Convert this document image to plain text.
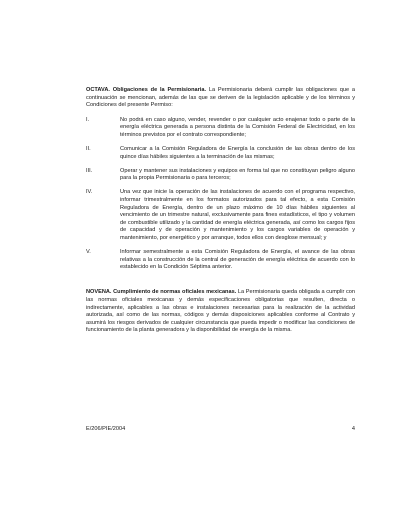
OCTAVA. Obligaciones de la Permisionaria. La Permisionaria deberá cumplir las obligaciones que a continuación se mencionan, además de las que se deriven de la legislación aplicable y de los términos y Condiciones del presente Permiso:

I.	No podrá en caso alguno, vender, revender o por cualquier acto enajenar todo o parte de la energía eléctrica generada a persona distinta de la Comisión Federal de Electricidad, en los términos previstos por el contrato correspondiente;
II.	Comunicar a la Comisión Reguladora de Energía la conclusión de las obras dentro de los quince días hábiles siguientes a la terminación de las mismas;
III.	Operar y mantener sus instalaciones y equipos en forma tal que no constituyan peligro alguno para la propia Permisionaria o para terceros;
IV.	Una vez que inicie la operación de las instalaciones de acuerdo con el programa respectivo, informar trimestralmente en los formatos autorizados para tal efecto, a esta Comisión Reguladora de Energía, dentro de un plazo máximo de 10 días hábiles siguientes al vencimiento de un trimestre natural, exclusivamente para fines estadísticos, el tipo y volumen de combustible utilizado y la cantidad de energía eléctrica generada, así como los cargos fijos de capacidad y de operación y mantenimiento y los cargos variables de operación y mantenimiento, por energético y por arranque, todos ellos con desglose mensual; y
V.	Informar semestralmente a esta Comisión Reguladora de Energía, el avance de las obras relativas a la construcción de la central de generación de energía eléctrica de acuerdo con lo establecido en la Condición Séptima anterior.

NOVENA. Cumplimiento de normas oficiales mexicanas. La Permisionaria queda obligada a cumplir con las normas oficiales mexicanas y demás especificaciones obligatorias que resulten, directa o indirectamente, aplicables a las obras e instalaciones necesarias para la realización de la actividad autorizada, así como de las normas, códigos y demás disposiciones aplicables conforme al Contrato y asumirá los riesgos derivados de cualquier circunstancia que pueda impedir o modificar las condiciones de funcionamiento de la planta generadora y la disponibilidad de energía de la misma.

E/206/PIE/2004	4
